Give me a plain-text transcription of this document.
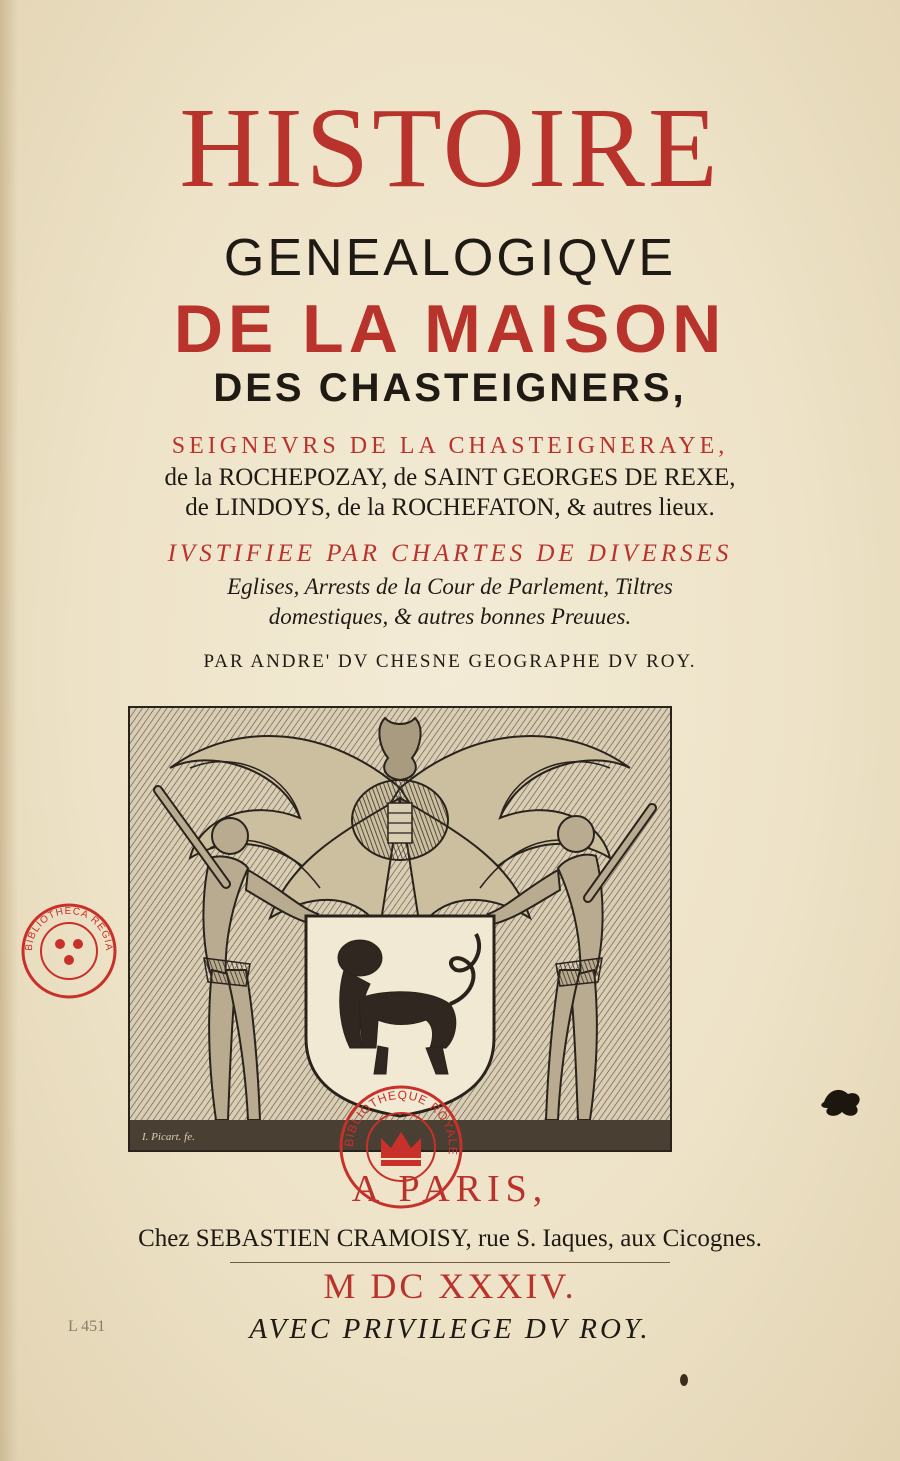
HISTOIRE

GENEALOGIQVE

DE LA MAISON

DES CHASTEIGNERS,

SEIGNEVRS DE LA CHASTEIGNERAYE,

de la ROCHEPOZAY, de SAINT GEORGES DE REXE,

de LINDOYS, de la ROCHEFATON, & autres lieux.

IVSTIFIEE PAR CHARTES DE DIVERSES

Eglises, Arrests de la Cour de Parlement, Tiltres

domestiques, & autres bonnes Preuues.

PAR ANDRE' DV CHESNE GEOGRAPHE DV ROY.

I. Picart. fe.

A PARIS,

Chez SEBASTIEN CRAMOISY, rue S. Iaques, aux Cicognes.

M DC XXXIV.

AVEC PRIVILEGE DV ROY.

BIBLIOTHECA REGIA
BIBLIOTHEQUE ROYALE
L 451
